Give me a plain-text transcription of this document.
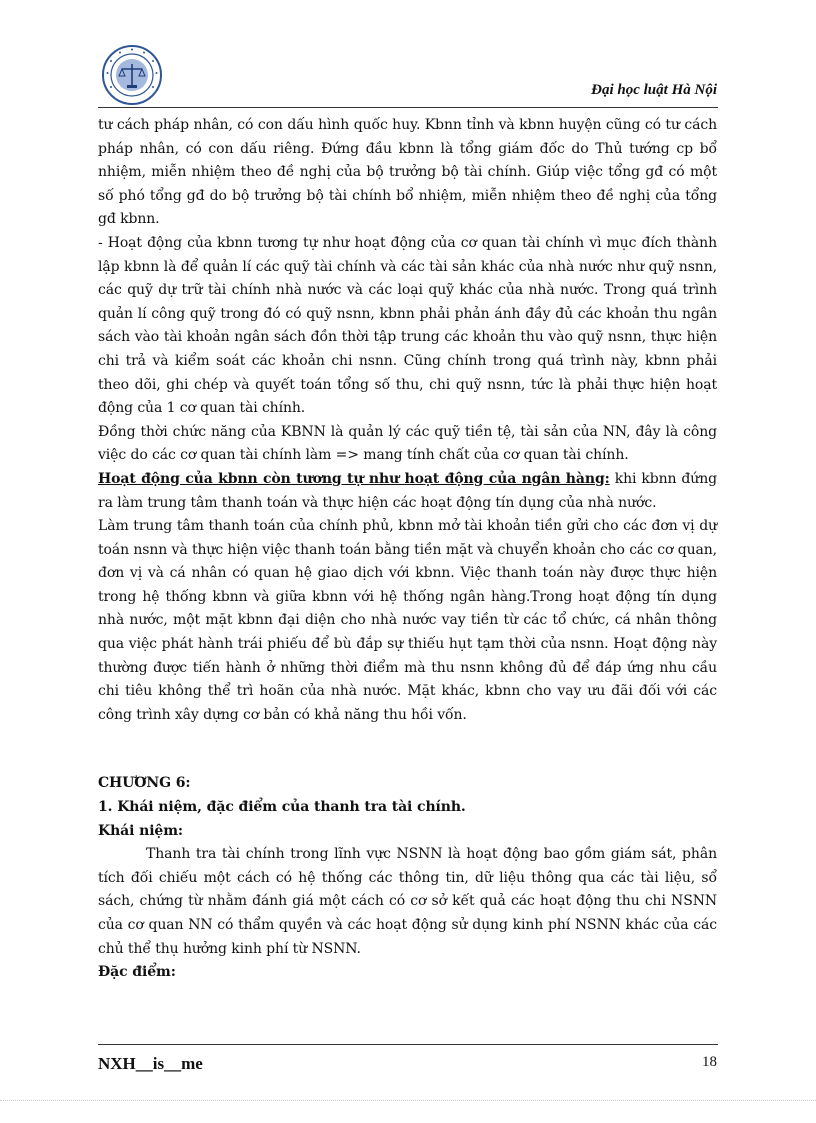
Đại học luật Hà Nội

tư cách pháp nhân, có con dấu hình quốc huy. Kbnn tỉnh và kbnn huyện cũng có tư cách pháp nhân, có con dấu riêng. Đứng đầu kbnn là tổng giám đốc do Thủ tướng cp bổ nhiệm, miễn nhiệm theo đề nghị của bộ trưởng bộ tài chính. Giúp việc tổng gđ có một số phó tổng gđ do bộ trưởng bộ tài chính bổ nhiệm, miễn nhiệm theo đề nghị của tổng gđ kbnn.

- Hoạt động của kbnn tương tự như hoạt động của cơ quan tài chính vì mục đích thành lập kbnn là để quản lí các quỹ tài chính và các tài sản khác của nhà nước như quỹ nsnn, các quỹ dự trữ tài chính nhà nước và các loại quỹ khác của nhà nước. Trong quá trình quản lí công quỹ trong đó có quỹ nsnn, kbnn phải phản ánh đầy đủ các khoản thu ngân sách vào tài khoản ngân sách đồn thời tập trung các khoản thu vào quỹ nsnn, thực hiện chi trả và kiểm soát các khoản chi nsnn. Cũng chính trong quá trình này, kbnn phải theo dõi, ghi chép và quyết toán tổng số thu, chi quỹ nsnn, tức là phải thực hiện hoạt động của 1 cơ quan tài chính.

Đồng thời chức năng của KBNN là quản lý các quỹ tiền tệ, tài sản của NN, đây là công việc do các cơ quan tài chính làm => mang tính chất của cơ quan tài chính.

Hoạt động của kbnn còn tương tự như hoạt động của ngân hàng: khi kbnn đứng ra làm trung tâm thanh toán và thực hiện các hoạt động tín dụng của nhà nước.

Làm trung tâm thanh toán của chính phủ, kbnn mở tài khoản tiền gửi cho các đơn vị dự toán nsnn và thực hiện việc thanh toán bằng tiền mặt và chuyển khoản cho các cơ quan, đơn vị và cá nhân có quan hệ giao dịch với kbnn. Việc thanh toán này được thực hiện trong hệ thống kbnn và giữa kbnn với hệ thống ngân hàng.Trong hoạt động tín dụng nhà nước, một mặt kbnn đại diện cho nhà nước vay tiền từ các tổ chức, cá nhân thông qua việc phát hành trái phiếu để bù đắp sự thiếu hụt tạm thời của nsnn. Hoạt động này thường được tiến hành ở những thời điểm mà thu nsnn không đủ để đáp ứng nhu cầu chi tiêu không thể trì hoãn của nhà nước. Mặt khác, kbnn cho vay ưu đãi đối với các công trình xây dựng cơ bản có khả năng thu hồi vốn.

CHƯƠNG 6:

1. Khái niệm, đặc điểm của thanh tra tài chính.

Khái niệm:

Thanh tra tài chính trong lĩnh vực NSNN là hoạt động bao gồm giám sát, phân tích đối chiếu một cách có hệ thống các thông tin, dữ liệu thông qua các tài liệu, sổ sách, chứng từ nhằm đánh giá một cách có cơ sở kết quả các hoạt động thu chi NSNN của cơ quan NN có thẩm quyền và các hoạt động sử dụng kinh phí NSNN khác của các chủ thể thụ hưởng kinh phí từ NSNN.

Đặc điểm:

NXH__is__me	18
